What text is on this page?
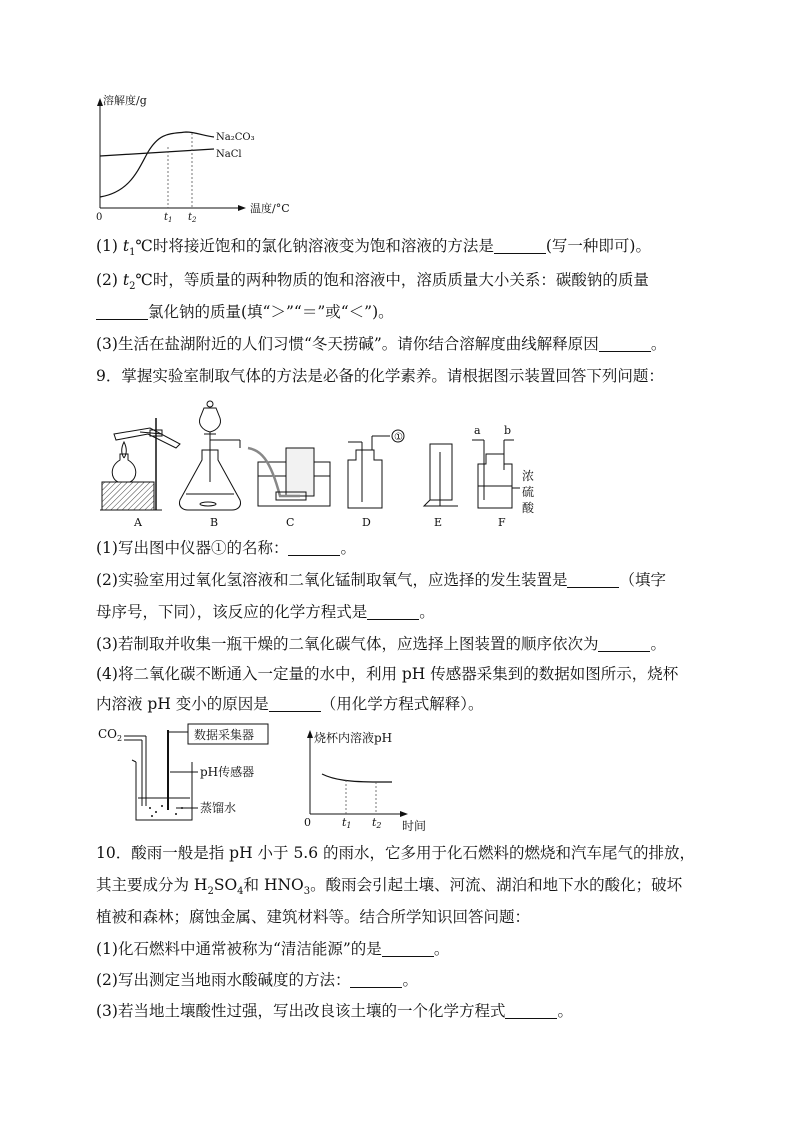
溶解度/g
温度/°C
0	$t_1$ $t_2$
Na₂CO₃
NaCl
(1) $t_1℃$时将接近饱和的氯化钠溶液变为饱和溶液的方法是	(写一种即可)。
(2) $t_2℃$时，等质量的两种物质的饱和溶液中，溶质质量大小关系：碳酸钠的质量
氯化钠的质量(填“＞”“＝”或“＜”)。
(3)生活在盐湖附近的人们习惯“冬天捞碱”。请你结合溶解度曲线解释原因	。
9．掌握实验室制取气体的方法是必备的化学素养。请根据图示装置回答下列问题：
①
a b
浓
硫
酸
A	B	C	D	E	F
(1)写出图中仪器①的名称：	。
(2)实验室用过氧化氢溶液和二氧化锰制取氧气，应选择的发生装置是	（填字
母序号，下同），该反应的化学方程式是	。
(3)若制取并收集一瓶干燥的二氧化碳气体，应选择上图装置的顺序依次为	。
(4)将二氧化碳不断通入一定量的水中，利用 pH 传感器采集到的数据如图所示，烧杯
内溶液 pH 变小的原因是	（用化学方程式解释）。
$CO_2$	数据采集器
pH传感器
蒸馏水
烧杯内溶液pH
时间
0	t1 t2
10．酸雨一般是指 pH 小于 5.6 的雨水，它多用于化石燃料的燃烧和汽车尾气的排放，
其主要成分为 $H_2SO_4$和 $HNO_3$。酸雨会引起土壤、河流、湖泊和地下水的酸化；破坏
植被和森林；腐蚀金属、建筑材料等。结合所学知识回答问题：
(1)化石燃料中通常被称为“清洁能源”的是	。
(2)写出测定当地雨水酸碱度的方法：	。
(3)若当地土壤酸性过强，写出改良该土壤的一个化学方程式	。
